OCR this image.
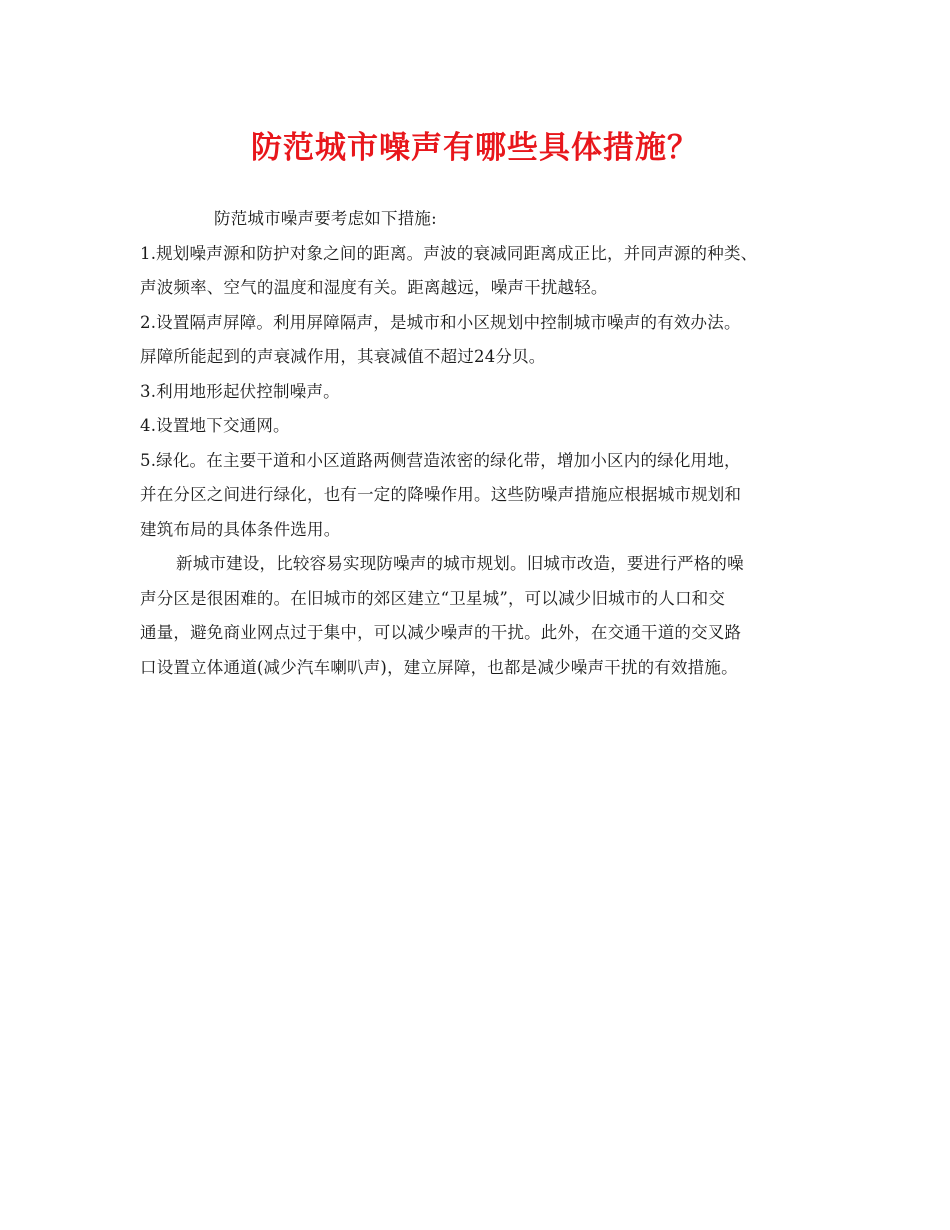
防范城市噪声有哪些具体措施？
防范城市噪声要考虑如下措施:
1.规划噪声源和防护对象之间的距离。声波的衰减同距离成正比，并同声源的种类、
声波频率、空气的温度和湿度有关。距离越远，噪声干扰越轻。
2.设置隔声屏障。利用屏障隔声，是城市和小区规划中控制城市噪声的有效办法。
屏障所能起到的声衰减作用，其衰减值不超过24分贝。
3.利用地形起伏控制噪声。
4.设置地下交通网。
5.绿化。在主要干道和小区道路两侧营造浓密的绿化带，增加小区内的绿化用地，
并在分区之间进行绿化，也有一定的降噪作用。这些防噪声措施应根据城市规划和
建筑布局的具体条件选用。
新城市建设，比较容易实现防噪声的城市规划。旧城市改造，要进行严格的噪
声分区是很困难的。在旧城市的郊区建立“卫星城”，可以减少旧城市的人口和交
通量，避免商业网点过于集中，可以减少噪声的干扰。此外，在交通干道的交叉路
口设置立体通道(减少汽车喇叭声)，建立屏障，也都是减少噪声干扰的有效措施。
